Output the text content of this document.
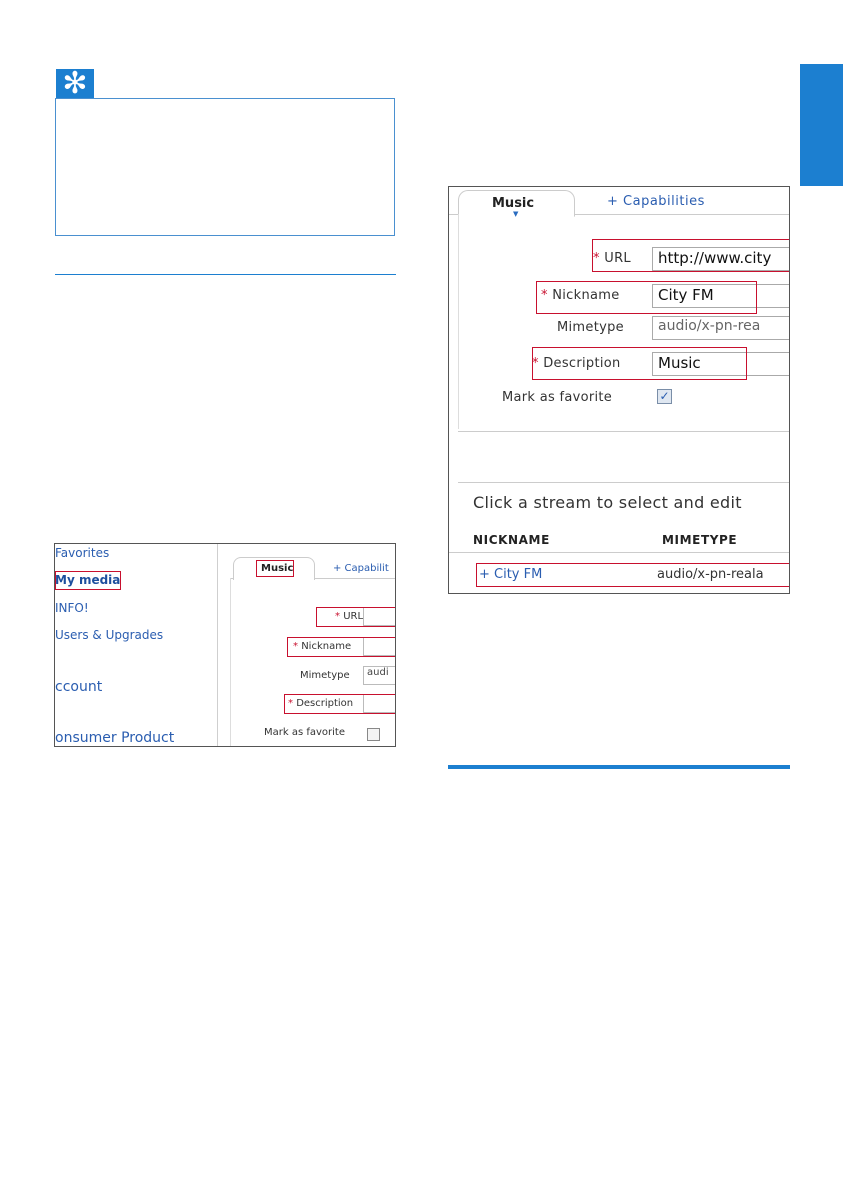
✻
Favorites
My media
INFO!
Users & Upgrades
ccount
onsumer Product
Music	+ Capabilit
* URL
* Nickname
Mimetype	audi
* Description
Mark as favorite
Music
▼
+ Capabilities
* URL	http://www.city
* Nickname	City FM
Mimetype	audio/x-pn-rea
* Description	Music
Mark as favorite	✓
Click a stream to select and edit
NICKNAME	MIMETYPE
+ City FM	audio/x-pn-reala
